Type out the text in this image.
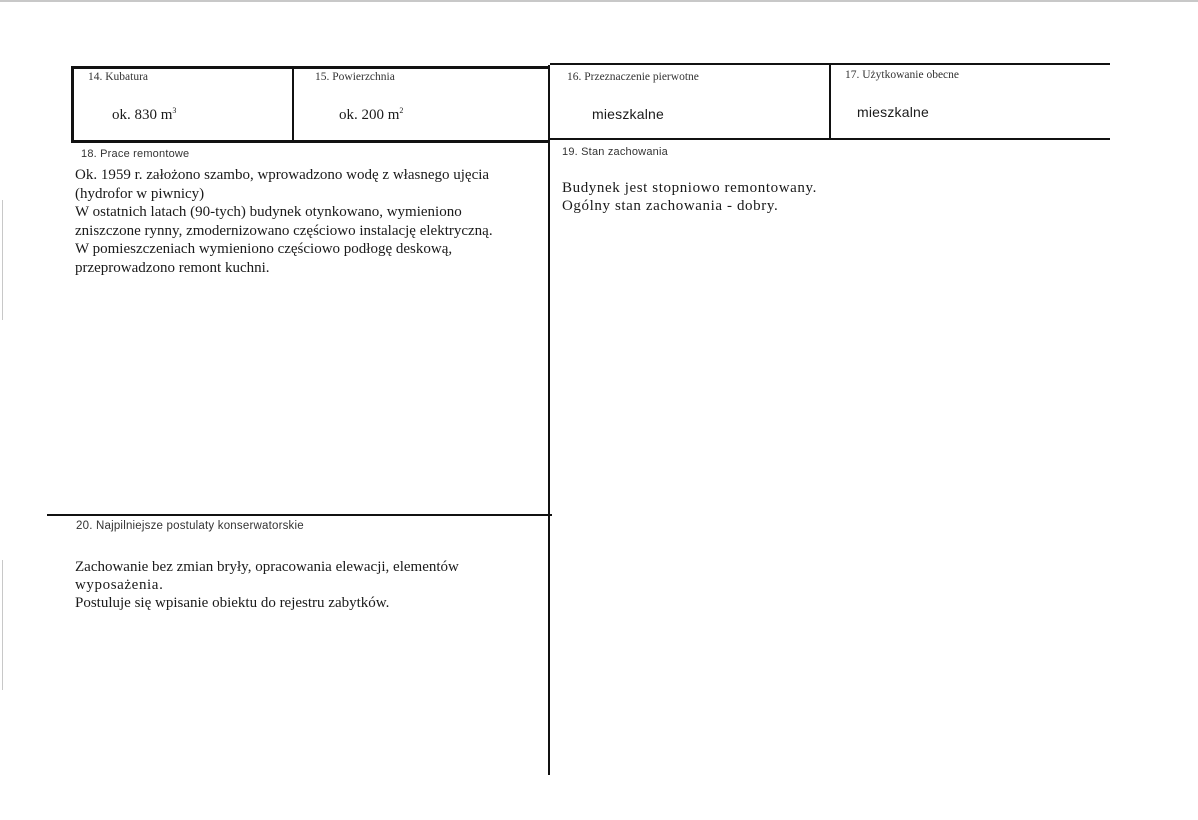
14. Kubatura
ok. 830 $m^3$
15. Powierzchnia
ok. 200 $m^2$
16. Przeznaczenie pierwotne
mieszkalne
17. Użytkowanie obecne
mieszkalne
18. Prace remontowe
Ok. 1959 r. założono szambo, wprowadzono wodę z własnego ujęcia
(hydrofor w piwnicy)
W ostatnich latach (90-tych) budynek otynkowano, wymieniono
zniszczone rynny, zmodernizowano częściowo instalację elektryczną.
W pomieszczeniach wymieniono częściowo podłogę deskową,
przeprowadzono remont kuchni.
19. Stan zachowania
Budynek jest stopniowo remontowany.
Ogólny stan zachowania - dobry.
20. Najpilniejsze postulaty konserwatorskie
Zachowanie bez zmian bryły, opracowania elewacji, elementów
wyposażenia.
Postuluje się wpisanie obiektu do rejestru zabytków.
